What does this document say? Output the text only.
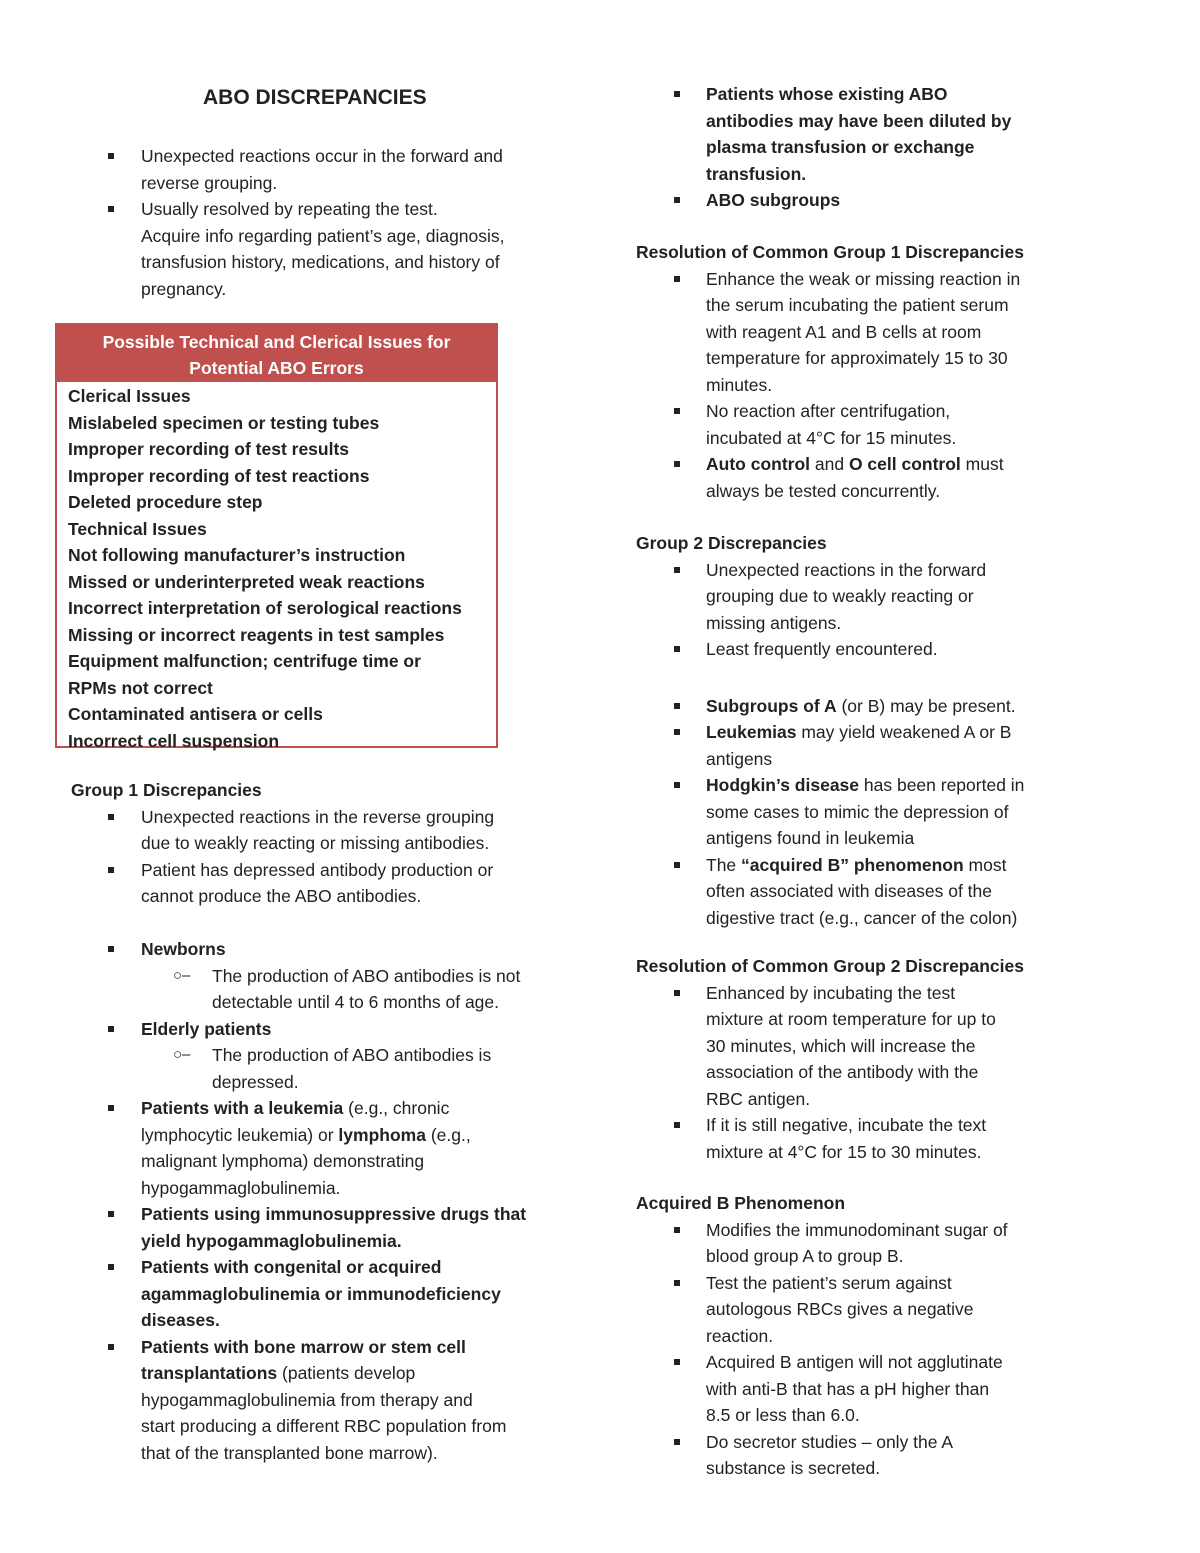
ABO DISCREPANCIES
Unexpected reactions occur in the forward and
reverse grouping.
Usually resolved by repeating the test.
Acquire info regarding patient’s age, diagnosis,
transfusion history, medications, and history of
pregnancy.
Possible Technical and Clerical Issues for
Potential ABO Errors
Clerical Issues
Mislabeled specimen or testing tubes
Improper recording of test results
Improper recording of test reactions
Deleted procedure step
Technical Issues
Not following manufacturer’s instruction
Missed or underinterpreted weak reactions
Incorrect interpretation of serological reactions
Missing or incorrect reagents in test samples
Equipment malfunction; centrifuge time or
RPMs not correct
Contaminated antisera or cells
Incorrect cell suspension
Group 1 Discrepancies
Unexpected reactions in the reverse grouping
due to weakly reacting or missing antibodies.
Patient has depressed antibody production or
cannot produce the ABO antibodies.

Newborns
○– The production of ABO antibodies is not
detectable until 4 to 6 months of age.
Elderly patients
○– The production of ABO antibodies is
depressed.
Patients with a leukemia (e.g., chronic
lymphocytic leukemia) or lymphoma (e.g.,
malignant lymphoma) demonstrating
hypogammaglobulinemia.
Patients using immunosuppressive drugs that
yield hypogammaglobulinemia.
Patients with congenital or acquired
agammaglobulinemia or immunodeficiency
diseases.
Patients with bone marrow or stem cell
transplantations (patients develop
hypogammaglobulinemia from therapy and
start producing a different RBC population from
that of the transplanted bone marrow).
Patients whose existing ABO
antibodies may have been diluted by
plasma transfusion or exchange
transfusion.
ABO subgroups
Resolution of Common Group 1 Discrepancies
Enhance the weak or missing reaction in
the serum incubating the patient serum
with reagent A1 and B cells at room
temperature for approximately 15 to 30
minutes.
No reaction after centrifugation,
incubated at 4°C for 15 minutes.
Auto control and O cell control must
always be tested concurrently.
Group 2 Discrepancies
Unexpected reactions in the forward
grouping due to weakly reacting or
missing antigens.
Least frequently encountered.

Subgroups of A (or B) may be present.
Leukemias may yield weakened A or B
antigens
Hodgkin’s disease has been reported in
some cases to mimic the depression of
antigens found in leukemia
The “acquired B” phenomenon most
often associated with diseases of the
digestive tract (e.g., cancer of the colon)
Resolution of Common Group 2 Discrepancies
Enhanced by incubating the test
mixture at room temperature for up to
30 minutes, which will increase the
association of the antibody with the
RBC antigen.
If it is still negative, incubate the text
mixture at 4°C for 15 to 30 minutes.
Acquired B Phenomenon
Modifies the immunodominant sugar of
blood group A to group B.
Test the patient’s serum against
autologous RBCs gives a negative
reaction.
Acquired B antigen will not agglutinate
with anti-B that has a pH higher than
8.5 or less than 6.0.
Do secretor studies – only the A
substance is secreted.
